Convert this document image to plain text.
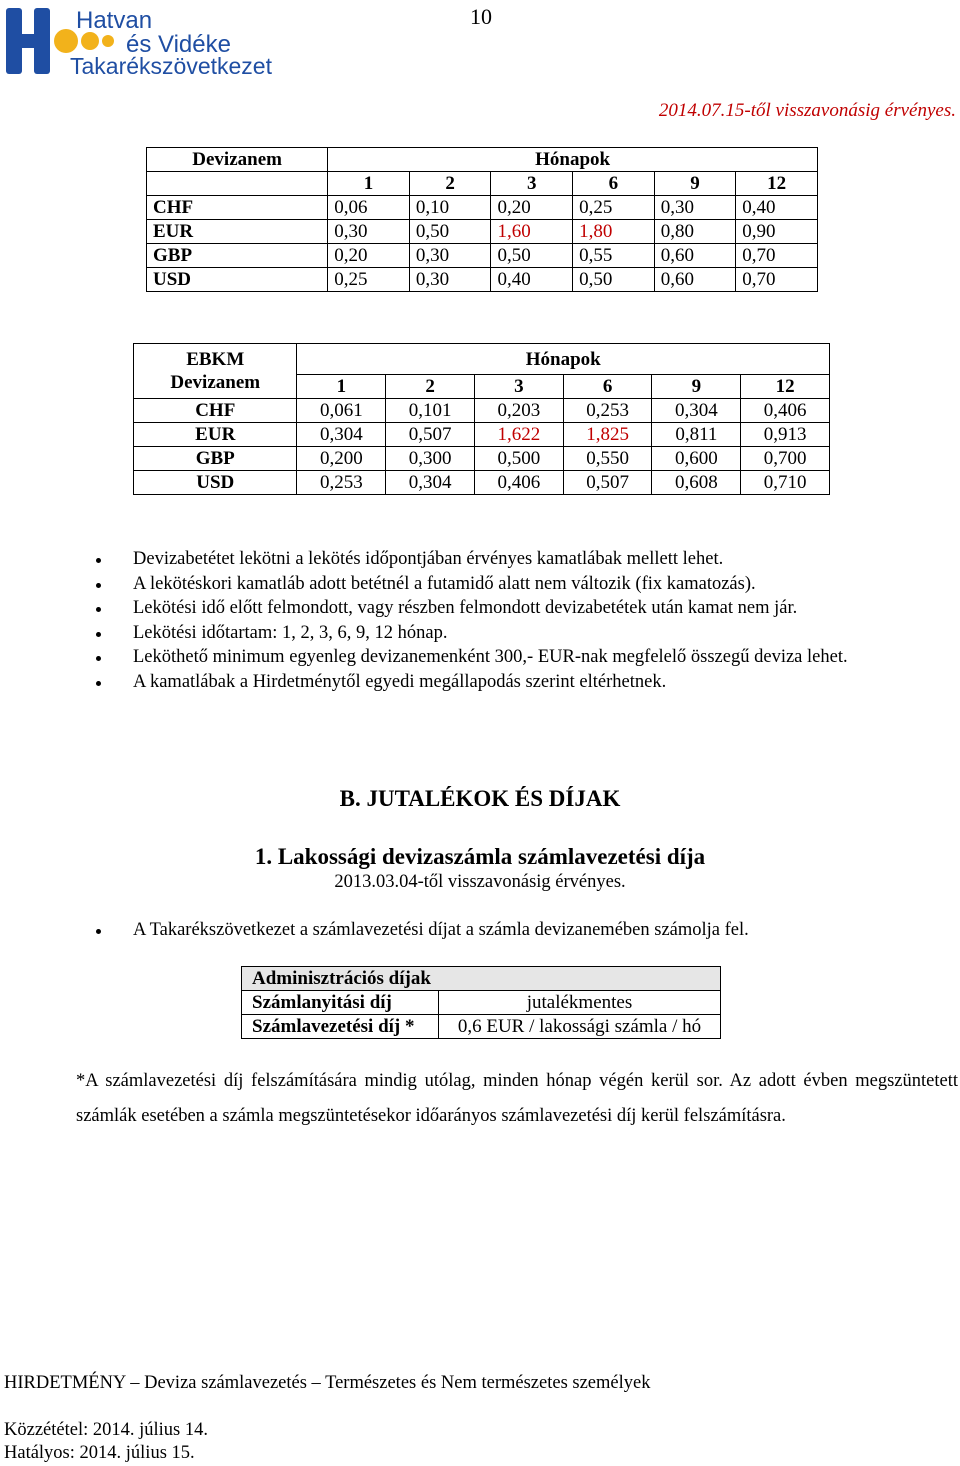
Hatvan
és Vidéke
Takarékszövetkezet
10
2014.07.15-től visszavonásig érvényes.
Devizanem	Hónapok					
	1	2	3	6	9	12
CHF	0,06	0,10	0,20	0,25	0,30	0,40
EUR	0,30	0,50	1,60	1,80	0,80	0,90
GBP	0,20	0,30	0,50	0,55	0,60	0,70
USD	0,25	0,30	0,40	0,50	0,60	0,70
EBKM
Devizanem	Hónapok					
	1	2	3	6	9	12
CHF	0,061	0,101	0,203	0,253	0,304	0,406
EUR	0,304	0,507	1,622	1,825	0,811	0,913
GBP	0,200	0,300	0,500	0,550	0,600	0,700
USD	0,253	0,304	0,406	0,507	0,608	0,710
Devizabetétet lekötni a lekötés időpontjában érvényes kamatlábak mellett lehet.
A lekötéskori kamatláb adott betétnél a futamidő alatt nem változik (fix kamatozás).
Lekötési idő előtt felmondott, vagy részben felmondott devizabetétek után kamat nem jár.
Lekötési időtartam: 1, 2, 3, 6, 9, 12 hónap.
Leköthető minimum egyenleg devizanemenként 300,- EUR-nak megfelelő összegű deviza lehet.
A kamatlábak a Hirdetménytől egyedi megállapodás szerint eltérhetnek.
B. JUTALÉKOK ÉS DÍJAK
1. Lakossági devizaszámla számlavezetési díja
2013.03.04-től visszavonásig érvényes.
A Takarékszövetkezet a számlavezetési díjat a számla devizanemében számolja fel.
Adminisztrációs díjak	
Számlanyitási díj	jutalékmentes
Számlavezetési díj *	0,6 EUR / lakossági számla / hó
*A számlavezetési díj felszámítására mindig utólag, minden hónap végén kerül sor. Az adott évben megszüntetett számlák esetében a számla megszüntetésekor időarányos számlavezetési díj kerül felszámításra.
HIRDETMÉNY – Deviza számlavezetés – Természetes és Nem természetes személyek
Közzététel: 2014. július 14.
Hatályos: 2014. július 15.
